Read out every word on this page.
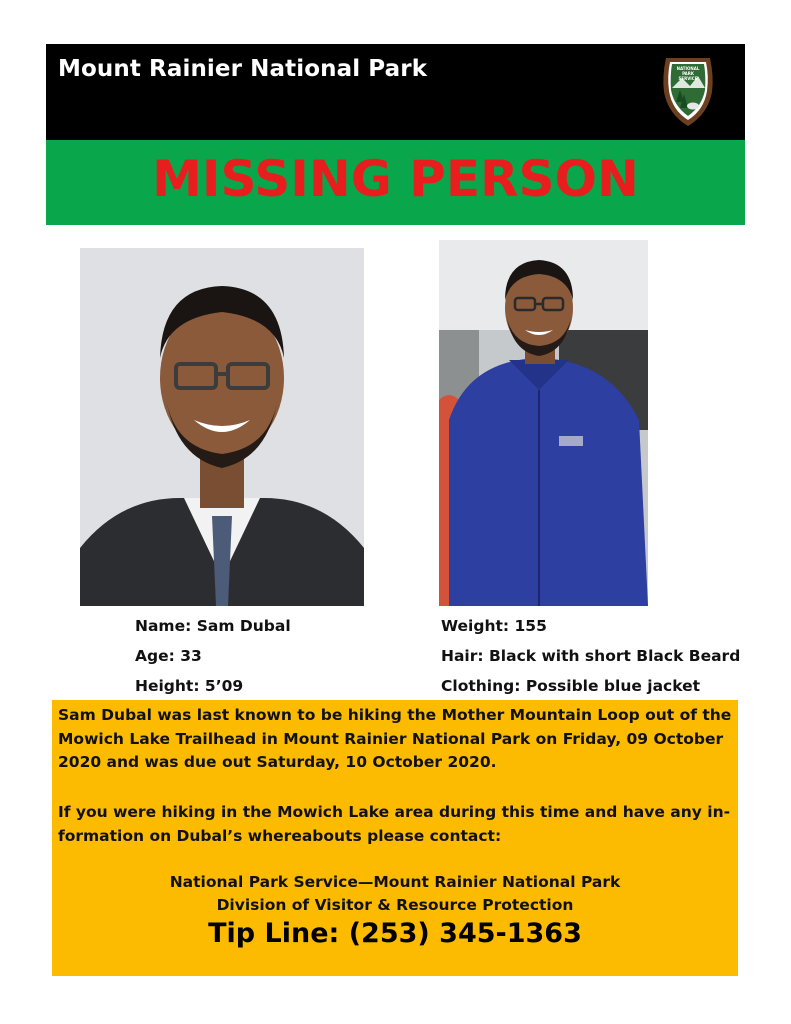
Mount Rainier National Park	NATIONAL
PARK
SERVICE
MISSING PERSON
Name: Sam Dubal
Age: 33
Height: 5’09
Weight: 155
Hair: Black with short Black Beard
Clothing: Possible blue jacket
Sam Dubal was last known to be hiking the Mother Mountain Loop out of the
Mowich Lake Trailhead in Mount Rainier National Park on Friday, 09 October
2020 and was due out Saturday, 10 October 2020.
If you were hiking in the Mowich Lake area during this time and have any in-
formation on Dubal’s whereabouts please contact:
National Park Service—Mount Rainier National Park
Division of Visitor & Resource Protection
Tip Line: (253) 345-1363
